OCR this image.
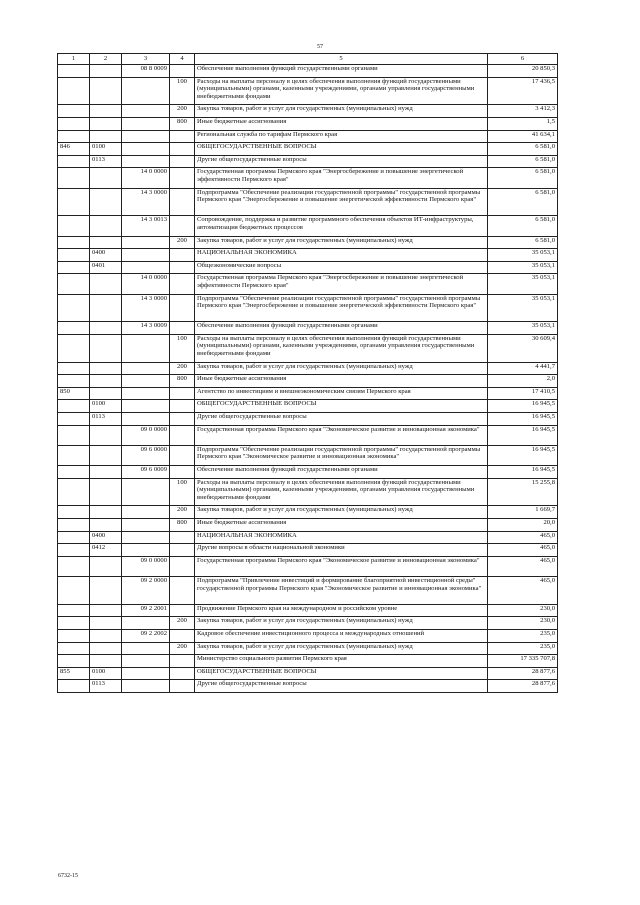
57
1	2	3	4	5	6
		08 8 0009		Обеспечение выполнения функций государственными органами	20 850,3
			100	Расходы на выплаты персоналу в целях обеспечения выполнения функций государственными (муниципальными) органами, казенными учреждениями, органами управления государственными внебюджетными фондами	17 436,5
			200	Закупка товаров, работ и услуг для государственных (муниципальных) нужд	3 412,3
			800	Иные бюджетные ассигнования	1,5
				Региональная служба по тарифам Пермского края	41 634,1
846	0100			ОБЩЕГОСУДАРСТВЕННЫЕ ВОПРОСЫ	6 581,0
	0113			Другие общегосударственные вопросы	6 581,0
		14 0 0000		Государственная программа Пермского края "Энергосбережение и повышение энергетической эффективности Пермского края"	6 581,0
		14 3 0000		Подпрограмма "Обеспечение реализации государственной программы" государственной программы Пермского края "Энергосбережение и повышение энергетической эффективности Пермского края"	6 581,0
		14 3 0013		Сопровождение, поддержка и развитие программного обеспечения объектов ИТ-инфраструктуры, автоматизация бюджетных процессов	6 581,0
			200	Закупка товаров, работ и услуг для государственных (муниципальных) нужд	6 581,0
	0400			НАЦИОНАЛЬНАЯ ЭКОНОМИКА	35 053,1
	0401			Общеэкономические вопросы	35 053,1
		14 0 0000		Государственная программа Пермского края "Энергосбережение и повышение энергетической эффективности Пермского края"	35 053,1
		14 3 0000		Подпрограмма "Обеспечение реализации государственной программы" государственной программы Пермского края "Энергосбережение и повышение энергетической эффективности Пермского края"	35 053,1
		14 3 0009		Обеспечение выполнения функций государственными органами	35 053,1
			100	Расходы на выплаты персоналу в целях обеспечения выполнения функций государственными (муниципальными) органами, казенными учреждениями, органами управления государственными внебюджетными фондами	30 609,4
			200	Закупка товаров, работ и услуг для государственных (муниципальных) нужд	4 441,7
			800	Иные бюджетные ассигнования	2,0
850				Агентство по инвестициям и внешнеэкономическим связям Пермского края	17 410,5
	0100			ОБЩЕГОСУДАРСТВЕННЫЕ ВОПРОСЫ	16 945,5
	0113			Другие общегосударственные вопросы	16 945,5
		09 0 0000		Государственная программа Пермского края "Экономическое развитие и инновационная экономика"	16 945,5
		09 6 0000		Подпрограмма "Обеспечение реализации государственной программы" государственной программы Пермского края "Экономическое развитие и инновационная экономика"	16 945,5
		09 6 0009		Обеспечение выполнения функций государственными органами	16 945,5
			100	Расходы на выплаты персоналу в целях обеспечения выполнения функций государственными (муниципальными) органами, казенными учреждениями, органами управления государственными внебюджетными фондами	15 255,8
			200	Закупка товаров, работ и услуг для государственных (муниципальных) нужд	1 669,7
			800	Иные бюджетные ассигнования	20,0
	0400			НАЦИОНАЛЬНАЯ ЭКОНОМИКА	465,0
	0412			Другие вопросы в области национальной экономики	465,0
		09 0 0000		Государственная программа Пермского края "Экономическое развитие и инновационная экономика"	465,0
		09 2 0000		Подпрограмма "Привлечение инвестиций и формирование благоприятной инвестиционной среды" государственной программы Пермского края "Экономическое развитие и инновационная экономика"	465,0
		09 2 2001		Продвижение Пермского края на международном и российском уровне	230,0
			200	Закупка товаров, работ и услуг для государственных (муниципальных) нужд	230,0
		09 2 2002		Кадровое обеспечение инвестиционного процесса и международных отношений	235,0
			200	Закупка товаров, работ и услуг для государственных (муниципальных) нужд	235,0
				Министерство социального развития Пермского края	17 335 707,8
855	0100			ОБЩЕГОСУДАРСТВЕННЫЕ ВОПРОСЫ	28 877,6
	0113			Другие общегосударственные вопросы	28 877,6
6732-15
